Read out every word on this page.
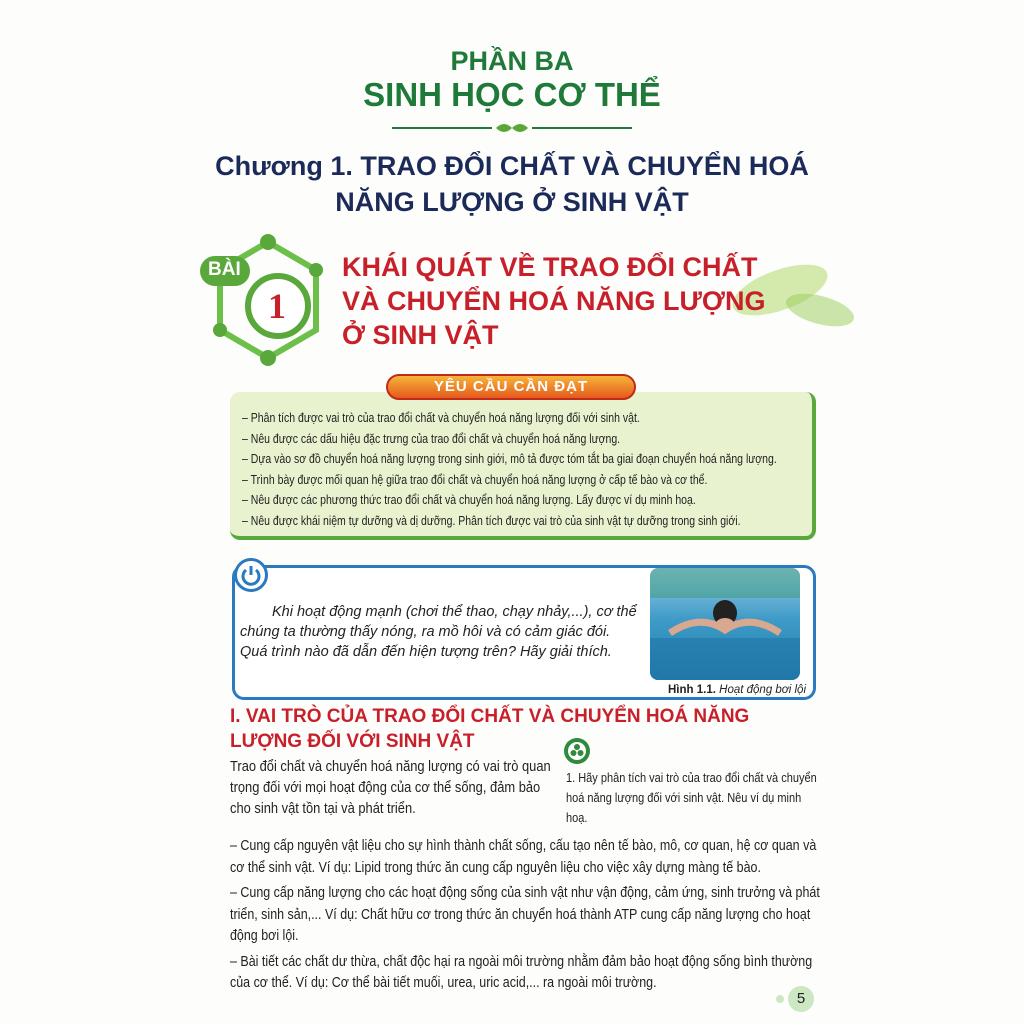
PHẦN BA
SINH HỌC CƠ THỂ
Chương 1. TRAO ĐỔI CHẤT VÀ CHUYỂN HOÁ
NĂNG LƯỢNG Ở SINH VẬT
BÀI
1
KHÁI QUÁT VỀ TRAO ĐỔI CHẤT
VÀ CHUYỂN HOÁ NĂNG LƯỢNG
Ở SINH VẬT
YÊU CẦU CẦN ĐẠT
– Phân tích được vai trò của trao đổi chất và chuyển hoá năng lượng đối với sinh vật.
– Nêu được các dấu hiệu đặc trưng của trao đổi chất và chuyển hoá năng lượng.
– Dựa vào sơ đồ chuyển hoá năng lượng trong sinh giới, mô tả được tóm tắt ba giai đoạn chuyển hoá năng lượng.
– Trình bày được mối quan hệ giữa trao đổi chất và chuyển hoá năng lượng ở cấp tế bào và cơ thể.
– Nêu được các phương thức trao đổi chất và chuyển hoá năng lượng. Lấy được ví dụ minh hoạ.
– Nêu được khái niệm tự dưỡng và dị dưỡng. Phân tích được vai trò của sinh vật tự dưỡng trong sinh giới.
Khi hoạt động mạnh (chơi thể thao, chạy nhảy,...), cơ thể chúng ta thường thấy nóng, ra mồ hôi và có cảm giác đói. Quá trình nào đã dẫn đến hiện tượng trên? Hãy giải thích.
Hình 1.1. Hoạt động bơi lội
I. VAI TRÒ CỦA TRAO ĐỔI CHẤT VÀ CHUYỂN HOÁ NĂNG LƯỢNG ĐỐI VỚI SINH VẬT
Trao đổi chất và chuyển hoá năng lượng có vai trò quan trọng đối với mọi hoạt động của cơ thể sống, đảm bảo cho sinh vật tồn tại và phát triển.
1. Hãy phân tích vai trò của trao đổi chất và chuyển hoá năng lượng đối với sinh vật. Nêu ví dụ minh hoạ.

– Cung cấp nguyên vật liệu cho sự hình thành chất sống, cấu tạo nên tế bào, mô, cơ quan, hệ cơ quan và cơ thể sinh vật. Ví dụ: Lipid trong thức ăn cung cấp nguyên liệu cho việc xây dựng màng tế bào.

– Cung cấp năng lượng cho các hoạt động sống của sinh vật như vận động, cảm ứng, sinh trưởng và phát triển, sinh sản,... Ví dụ: Chất hữu cơ trong thức ăn chuyển hoá thành ATP cung cấp năng lượng cho hoạt động bơi lội.

– Bài tiết các chất dư thừa, chất độc hại ra ngoài môi trường nhằm đảm bảo hoạt động sống bình thường của cơ thể. Ví dụ: Cơ thể bài tiết muối, urea, uric acid,... ra ngoài môi trường.

5
